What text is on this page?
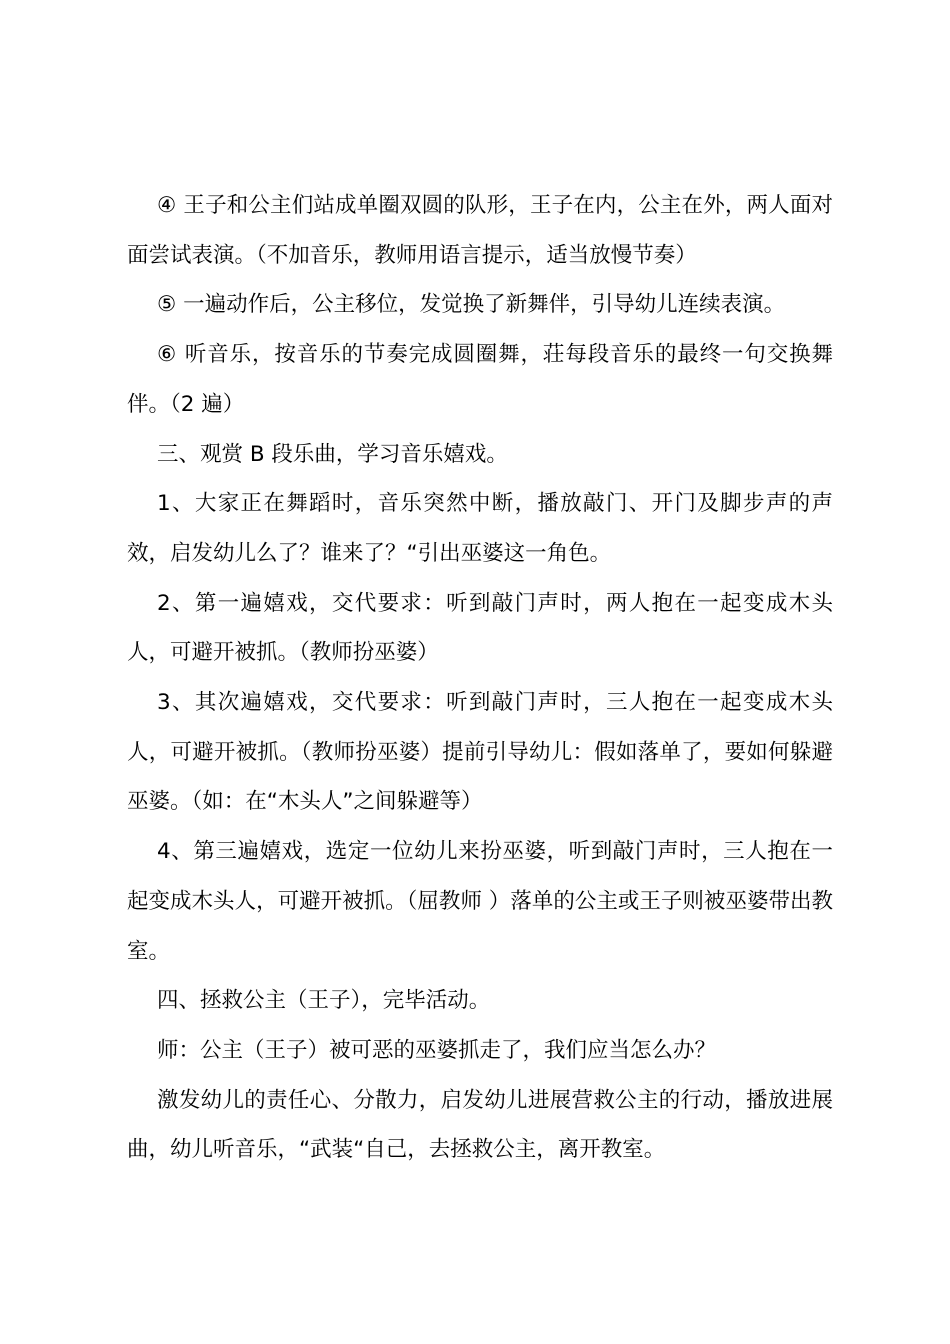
④ 王子和公主们站成单圈双圆的队形，王子在内，公主在外，两人面对面尝试表演。（不加音乐，教师用语言提示，适当放慢节奏）

⑤ 一遍动作后，公主移位，发觉换了新舞伴，引导幼儿连续表演。

⑥ 听音乐，按音乐的节奏完成圆圈舞，荘每段音乐的最终一句交换舞伴。（2 遍）

三、观赏 B 段乐曲，学习音乐嬉戏。

1、大家正在舞蹈时，音乐突然中断，播放敲门、开门及脚步声的声效，启发幼儿么了？谁来了？“引出巫婆这一角色。

2、第一遍嬉戏，交代要求：听到敲门声时，两人抱在一起变成木头人，可避开被抓。（教师扮巫婆）

3、其次遍嬉戏，交代要求：听到敲门声时，三人抱在一起变成木头人，可避开被抓。（教师扮巫婆）提前引导幼儿：假如落单了，要如何躲避巫婆。（如：在“木头人”之间躲避等）

4、第三遍嬉戏，选定一位幼儿来扮巫婆，听到敲门声时，三人抱在一起变成木头人，可避开被抓。（屈教师 ）落单的公主或王子则被巫婆带出教室。

四、拯救公主（王子），完毕活动。

师：公主（王子）被可恶的巫婆抓走了，我们应当怎么办？

激发幼儿的责任心、分散力，启发幼儿进展营救公主的行动，播放进展曲，幼儿听音乐，“武装“自己，去拯救公主，离开教室。
